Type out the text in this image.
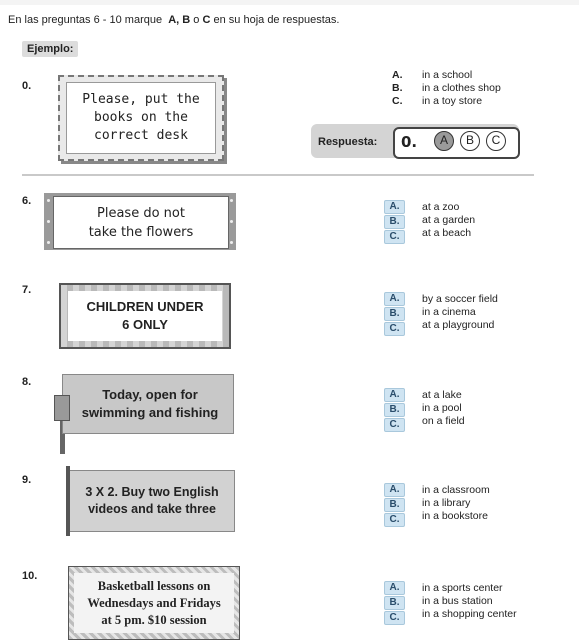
En las preguntas 6 - 10 marque A, B o C en su hoja de respuestas.
Ejemplo:
0.
Please, put the
books on the
correct desk
A.
B.
C.
in a school
in a clothes shop
in a toy store
Respuesta: 0.	A	B	C
6.
Please do not
take the flowers
A.
B.
C.
at a zoo
at a garden
at a beach
7.
CHILDREN UNDER
6 ONLY
A.
B.
C.
by a soccer field
in a cinema
at a playground
8.
Today, open for
swimming and fishing
A.
B.
C.
at a lake
in a pool
on a field
9.
3 X 2. Buy two English
videos and take three
A.
B.
C.
in a classroom
in a library
in a bookstore
10.
Basketball lessons on
Wednesdays and Fridays
at 5 pm. $10 session
A.
B.
C.
in a sports center
in a bus station
in a shopping center
